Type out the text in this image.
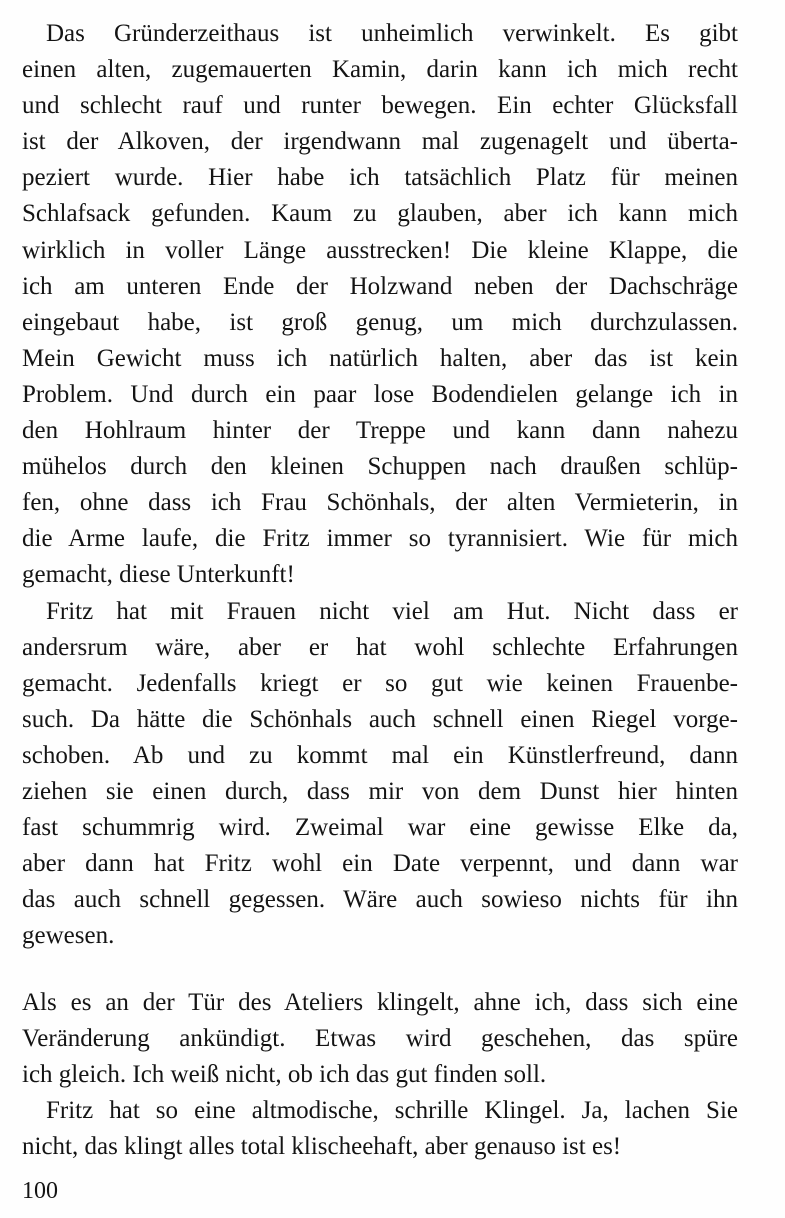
Das Gründerzeithaus ist unheimlich verwinkelt. Es gibt
einen alten, zugemauerten Kamin, darin kann ich mich recht
und schlecht rauf und runter bewegen. Ein echter Glücksfall
ist der Alkoven, der irgendwann mal zugenagelt und überta-
peziert wurde. Hier habe ich tatsächlich Platz für meinen
Schlafsack gefunden. Kaum zu glauben, aber ich kann mich
wirklich in voller Länge ausstrecken! Die kleine Klappe, die
ich am unteren Ende der Holzwand neben der Dachschräge
eingebaut habe, ist groß genug, um mich durchzulassen.
Mein Gewicht muss ich natürlich halten, aber das ist kein
Problem. Und durch ein paar lose Bodendielen gelange ich in
den Hohlraum hinter der Treppe und kann dann nahezu
mühelos durch den kleinen Schuppen nach draußen schlüp-
fen, ohne dass ich Frau Schönhals, der alten Vermieterin, in
die Arme laufe, die Fritz immer so tyrannisiert. Wie für mich
gemacht, diese Unterkunft!
Fritz hat mit Frauen nicht viel am Hut. Nicht dass er
andersrum wäre, aber er hat wohl schlechte Erfahrungen
gemacht. Jedenfalls kriegt er so gut wie keinen Frauenbe-
such. Da hätte die Schönhals auch schnell einen Riegel vorge-
schoben. Ab und zu kommt mal ein Künstlerfreund, dann
ziehen sie einen durch, dass mir von dem Dunst hier hinten
fast schummrig wird. Zweimal war eine gewisse Elke da,
aber dann hat Fritz wohl ein Date verpennt, und dann war
das auch schnell gegessen. Wäre auch sowieso nichts für ihn
gewesen.
Als es an der Tür des Ateliers klingelt, ahne ich, dass sich eine
Veränderung ankündigt. Etwas wird geschehen, das spüre
ich gleich. Ich weiß nicht, ob ich das gut finden soll.
Fritz hat so eine altmodische, schrille Klingel. Ja, lachen Sie
nicht, das klingt alles total klischeehaft, aber genauso ist es!
100
